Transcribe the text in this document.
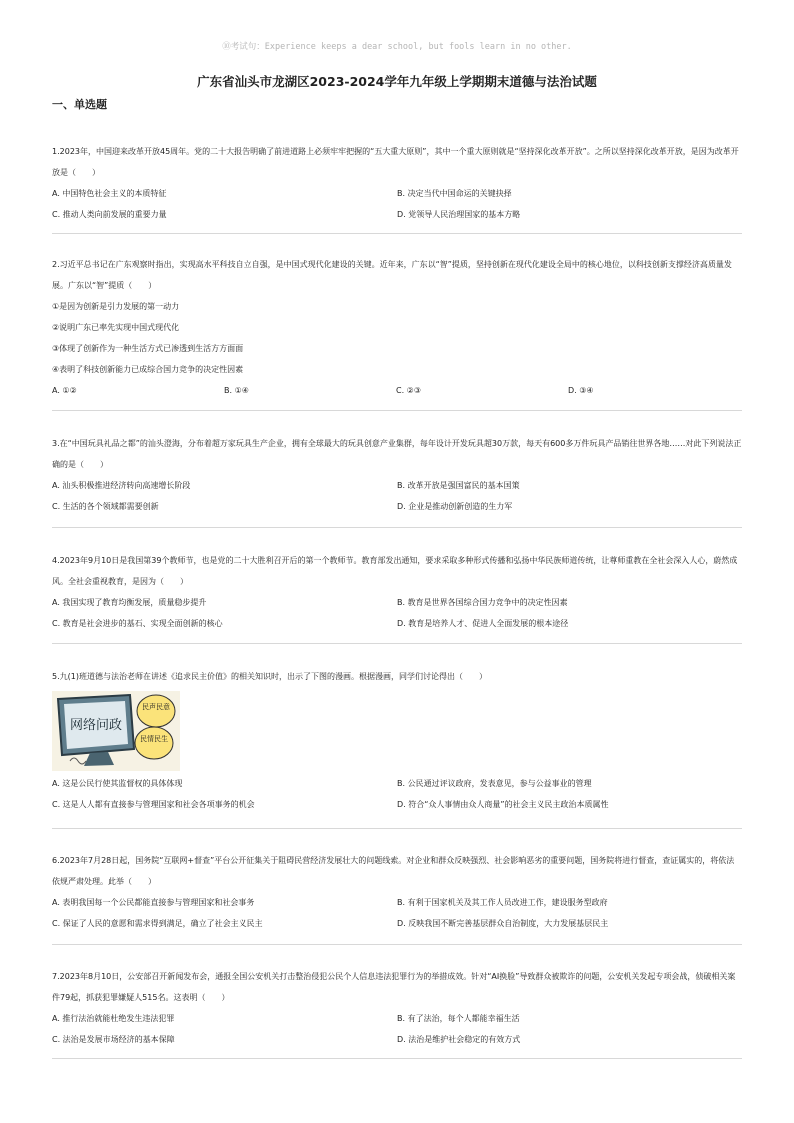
⑩考试句：Experience keeps a dear school, but fools learn in no other.
广东省汕头市龙湖区2023-2024学年九年级上学期期末道德与法治试题
一、单选题

1.2023年，中国迎来改革开放45周年。党的二十大报告明确了前进道路上必须牢牢把握的“五大重大原则”，其中一个重大原则就是“坚持深化改革开放”。之所以坚持深化改革开放，是因为改革开放是（　　）

A. 中国特色社会主义的本质特征	B. 决定当代中国命运的关键抉择
C. 推动人类向前发展的重要力量	D. 党领导人民治理国家的基本方略

2.习近平总书记在广东观察时指出，实现高水平科技自立自强，是中国式现代化建设的关键。近年来，广东以“智”提质，坚持创新在现代化建设全局中的核心地位，以科技创新支撑经济高质量发展。广东以“智”提质（　　）

①是因为创新是引力发展的第一动力

②说明广东已率先实现中国式现代化

③体现了创新作为一种生活方式已渗透到生活方方面面

④表明了科技创新能力已成综合国力竞争的决定性因素

A. ①②	B. ①④	C. ②③	D. ③④

3.在“中国玩具礼品之都”的汕头澄海，分布着超万家玩具生产企业，拥有全球最大的玩具创意产业集群，每年设计开发玩具超30万款，每天有600多万件玩具产品销往世界各地……对此下列说法正确的是（　　）

A. 汕头积极推进经济转向高速增长阶段	B. 改革开放是强国富民的基本国策
C. 生活的各个领域都需要创新	D. 企业是推动创新创造的生力军

4.2023年9月10日是我国第39个教师节，也是党的二十大胜利召开后的第一个教师节。教育部发出通知，要求采取多种形式传播和弘扬中华民族师道传统，让尊师重教在全社会深入人心，蔚然成风。全社会重视教育，是因为（　　）

A. 我国实现了教育均衡发展，质量稳步提升	B. 教育是世界各国综合国力竞争中的决定性因素
C. 教育是社会进步的基石、实现全面创新的核心	D. 教育是培养人才、促进人全面发展的根本途径

5.九(1)班道德与法治老师在讲述《追求民主价值》的相关知识时，出示了下图的漫画。根据漫画，同学们讨论得出（　　）

网络问政
民声民意
民情民生
A. 这是公民行使其监督权的具体体现	B. 公民通过评议政府，发表意见，参与公益事业的管理
C. 这是人人都有直接参与管理国家和社会各项事务的机会	D. 符合“众人事情由众人商量”的社会主义民主政治本质属性

6.2023年7月28日起，国务院“互联网+督查”平台公开征集关于阻碍民营经济发展壮大的问题线索。对企业和群众反映强烈、社会影响恶劣的重要问题，国务院将进行督查，查证属实的，将依法依规严肃处理。此举（　　）

A. 表明我国每一个公民都能直接参与管理国家和社会事务	B. 有利于国家机关及其工作人员改进工作，建设服务型政府
C. 保证了人民的意愿和需求得到满足，确立了社会主义民主	D. 反映我国不断完善基层群众自治制度，大力发展基层民主

7.2023年8月10日，公安部召开新闻发布会，通报全国公安机关打击整治侵犯公民个人信息违法犯罪行为的举措成效。针对“AI换脸”导致群众被欺诈的问题，公安机关发起专项会战，侦破相关案件79起，抓获犯罪嫌疑人515名。这表明（　　）

A. 推行法治就能杜绝发生违法犯罪	B. 有了法治，每个人都能幸福生活
C. 法治是发展市场经济的基本保障	D. 法治是维护社会稳定的有效方式
